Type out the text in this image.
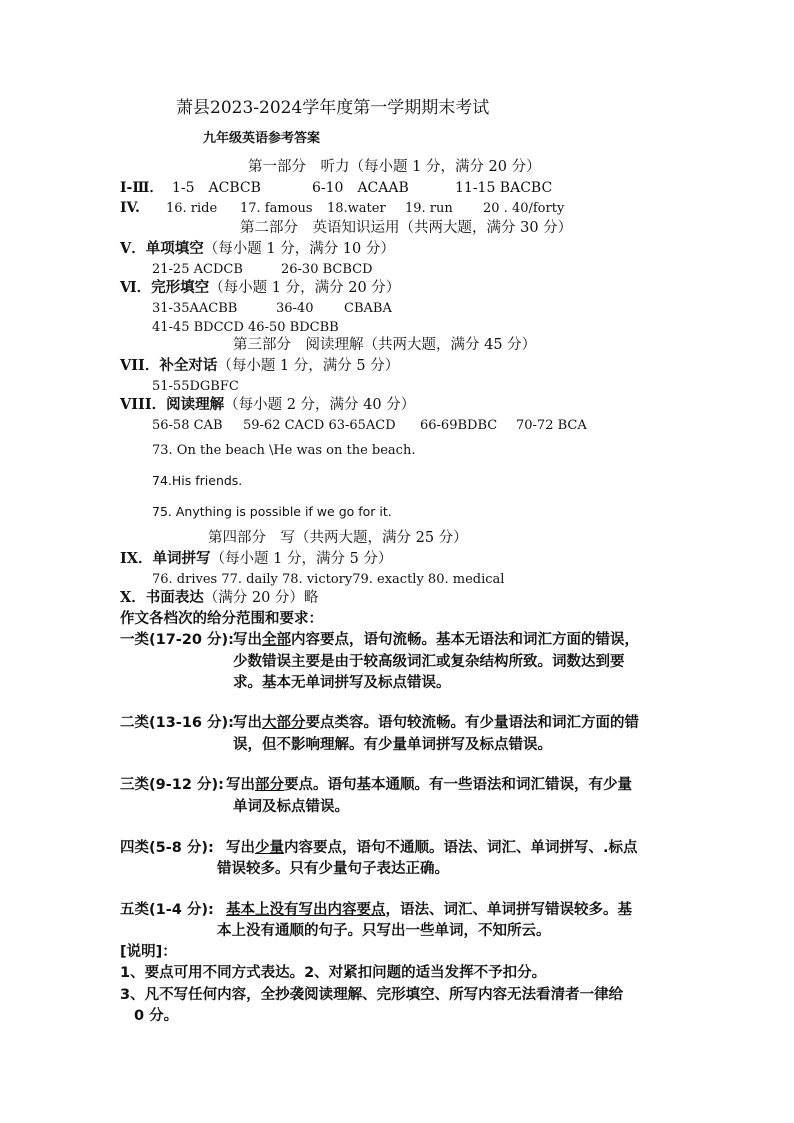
萧县2023-2024学年度第一学期期末考试
九年级英语参考答案
第一部分　听力（每小题 1 分，满分 20 分）
Ⅰ-Ⅲ． 1-5　ACBCB	6-10　ACAAB	11-15 BACBC
IV. 16. ride 17. famous 18.water 19. run 20 . 40/forty
第二部分　英语知识运用（共两大题，满分 30 分）
V．单项填空（每小题 1 分，满分 10 分）
21-25 ACDCB	26-30 BCBCD
Ⅵ．完形填空（每小题 1 分，满分 20 分）
31-35AACBB	36-40 CBABA
41-45 BDCCD 46-50 BDCBB
第三部分　阅读理解（共两大题，满分 45 分）
VII．补全对话（每小题 1 分，满分 5 分）
51-55DGBFC
VIII．阅读理解（每小题 2 分，满分 40 分）
56-58 CAB 59-62 CACD 63-65ACD 66-69BDBC 70-72 BCA
73. On the beach \He was on the beach.
74.His friends.
75. Anything is possible if we go for it.
第四部分　写（共两大题，满分 25 分）
IX．单词拼写（每小题 1 分，满分 5 分）
76. drives 77. daily 78. victory79. exactly 80. medical
X．书面表达（满分 20 分）略
作文各档次的给分范围和要求：
一类(17-20 分): 写出全部内容要点，语句流畅。基本无语法和词汇方面的错误，
少数错误主要是由于较高级词汇或复杂结构所致。词数达到要
求。基本无单词拼写及标点错误。
二类(13-16 分): 写出大部分要点类容。语句较流畅。有少量语法和词汇方面的错
误，但不影响理解。有少量单词拼写及标点错误。
三类(9-12 分): 写出部分要点。语句基本通顺。有一些语法和词汇错误，有少量
单词及标点错误。
四类(5-8 分): 写出少量内容要点，语句不通顺。语法、词汇、单词拼写、.标点
错误较多。只有少量句子表达正确。
五类(1-4 分): 基本上没有写出内容要点，语法、词汇、单词拼写错误较多。基
本上没有通顺的句子。只写出一些单词，不知所云。
[说明]：
1、要点可用不同方式表达。2、对紧扣问题的适当发挥不予扣分。
3、凡不写任何内容，全抄袭阅读理解、完形填空、所写内容无法看清者一律给
0 分。
